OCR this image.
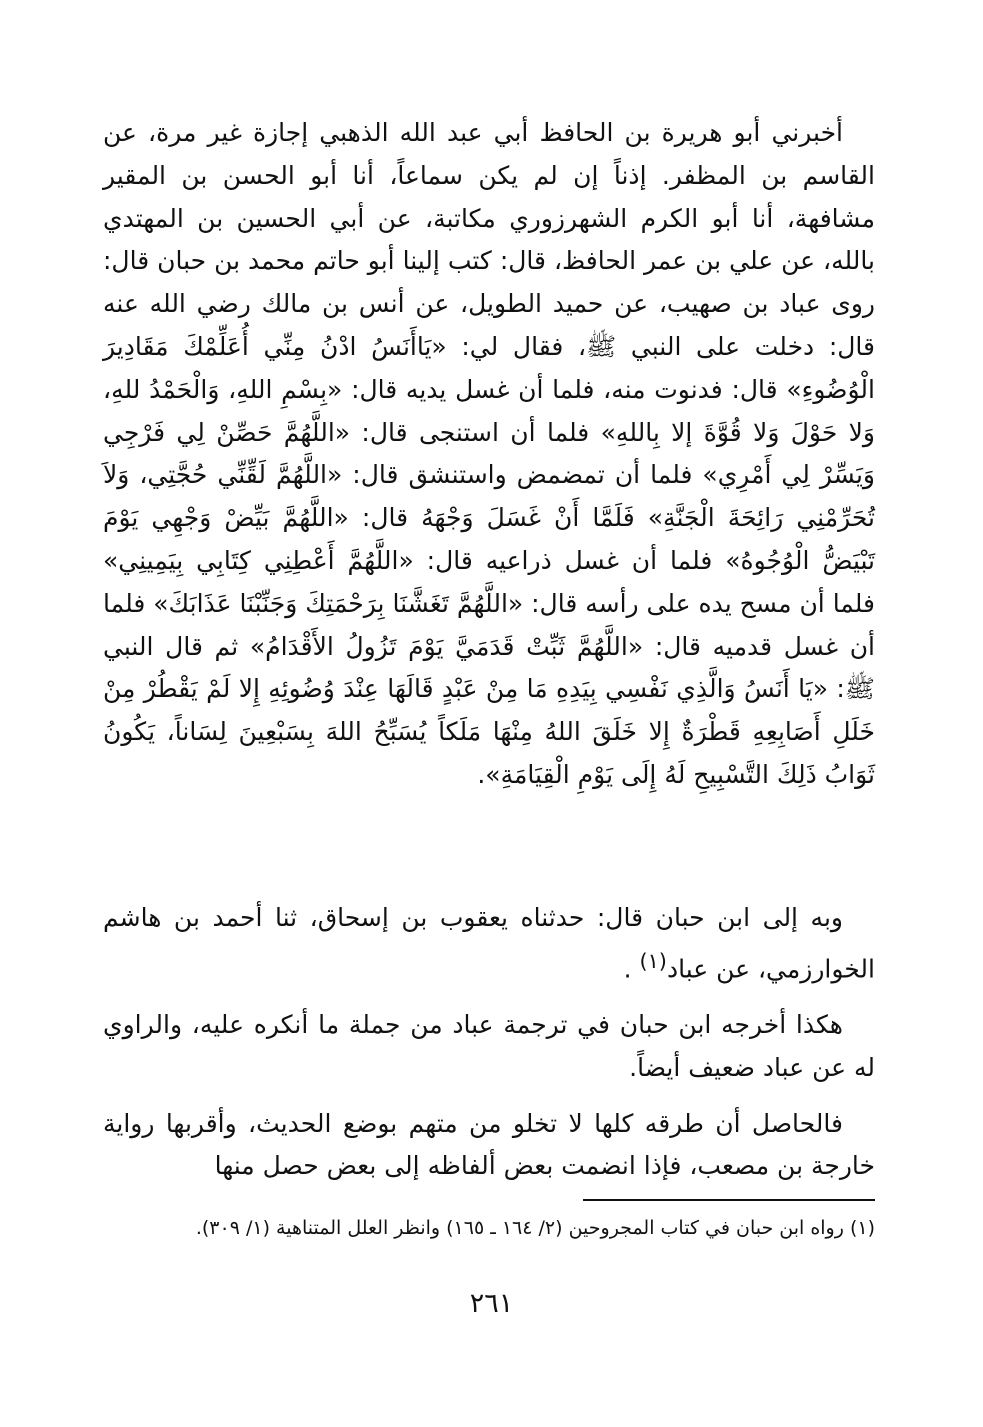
أخبرني أبو هريرة بن الحافظ أبي عبد الله الذهبي إجازة غير مرة، عن القاسم بن المظفر. إذناً إن لم يكن سماعاً، أنا أبو الحسن بن المقير مشافهة، أنا أبو الكرم الشهرزوري مكاتبة، عن أبي الحسين بن المهتدي بالله، عن علي بن عمر الحافظ، قال: كتب إلينا أبو حاتم محمد بن حبان قال: روى عباد بن صهيب، عن حميد الطويل، عن أنس بن مالك رضي الله عنه قال: دخلت على النبي ﷺ، فقال لي: «يَاأَنَسُ ادْنُ مِنِّي أُعَلِّمْكَ مَقَادِيرَ الْوُضُوءِ» قال: فدنوت منه، فلما أن غسل يديه قال: «بِسْمِ اللهِ، وَالْحَمْدُ للهِ، وَلا حَوْلَ وَلا قُوَّةَ إلا بِاللهِ» فلما أن استنجى قال: «اللَّهُمَّ حَصِّنْ لِي فَرْجِي وَيَسِّرْ لِي أَمْرِي» فلما أن تمضمض واستنشق قال: «اللَّهُمَّ لَقِّنِّي حُجَّتِي، وَلاَ تُحَرِّمْنِي رَائِحَةَ الْجَنَّةِ» فَلَمَّا أَنْ غَسَلَ وَجْهَهُ قال: «اللَّهُمَّ بَيِّضْ وَجْهِي يَوْمَ تَبْيَضُّ الْوُجُوهُ» فلما أن غسل ذراعيه قال: «اللَّهُمَّ أَعْطِنِي كِتَابِي بِيَمِينِي» فلما أن مسح يده على رأسه قال: «اللَّهُمَّ تَغَشَّنَا بِرَحْمَتِكَ وَجَنِّبْنَا عَذَابَكَ» فلما أن غسل قدميه قال: «اللَّهُمَّ ثَبِّتْ قَدَمَيَّ يَوْمَ تَزُولُ الأَقْدَامُ» ثم قال النبي ﷺ: «يَا أَنَسُ وَالَّذِي نَفْسِي بِيَدِهِ مَا مِنْ عَبْدٍ قَالَهَا عِنْدَ وُضُوئِهِ إِلا لَمْ يَقْطُرْ مِنْ خَلَلِ أَصَابِعِهِ قَطْرَةٌ إِلا خَلَقَ اللهُ مِنْهَا مَلَكاً يُسَبِّحُ اللهَ بِسَبْعِينَ لِسَاناً، يَكُونُ ثَوَابُ ذَلِكَ التَّسْبِيحِ لَهُ إِلَى يَوْمِ الْقِيَامَةِ».

وبه إلى ابن حبان قال: حدثناه يعقوب بن إسحاق، ثنا أحمد بن هاشم الخوارزمي، عن عباد$^{(١)}$ .

هكذا أخرجه ابن حبان في ترجمة عباد من جملة ما أنكره عليه، والراوي له عن عباد ضعيف أيضاً.

فالحاصل أن طرقه كلها لا تخلو من متهم بوضع الحديث، وأقربها رواية خارجة بن مصعب، فإذا انضمت بعض ألفاظه إلى بعض حصل منها

(١) رواه ابن حبان في كتاب المجروحين (٢/ ١٦٤ ـ ١٦٥) وانظر العلل المتناهية (١/ ٣٠٩).

٢٦١
